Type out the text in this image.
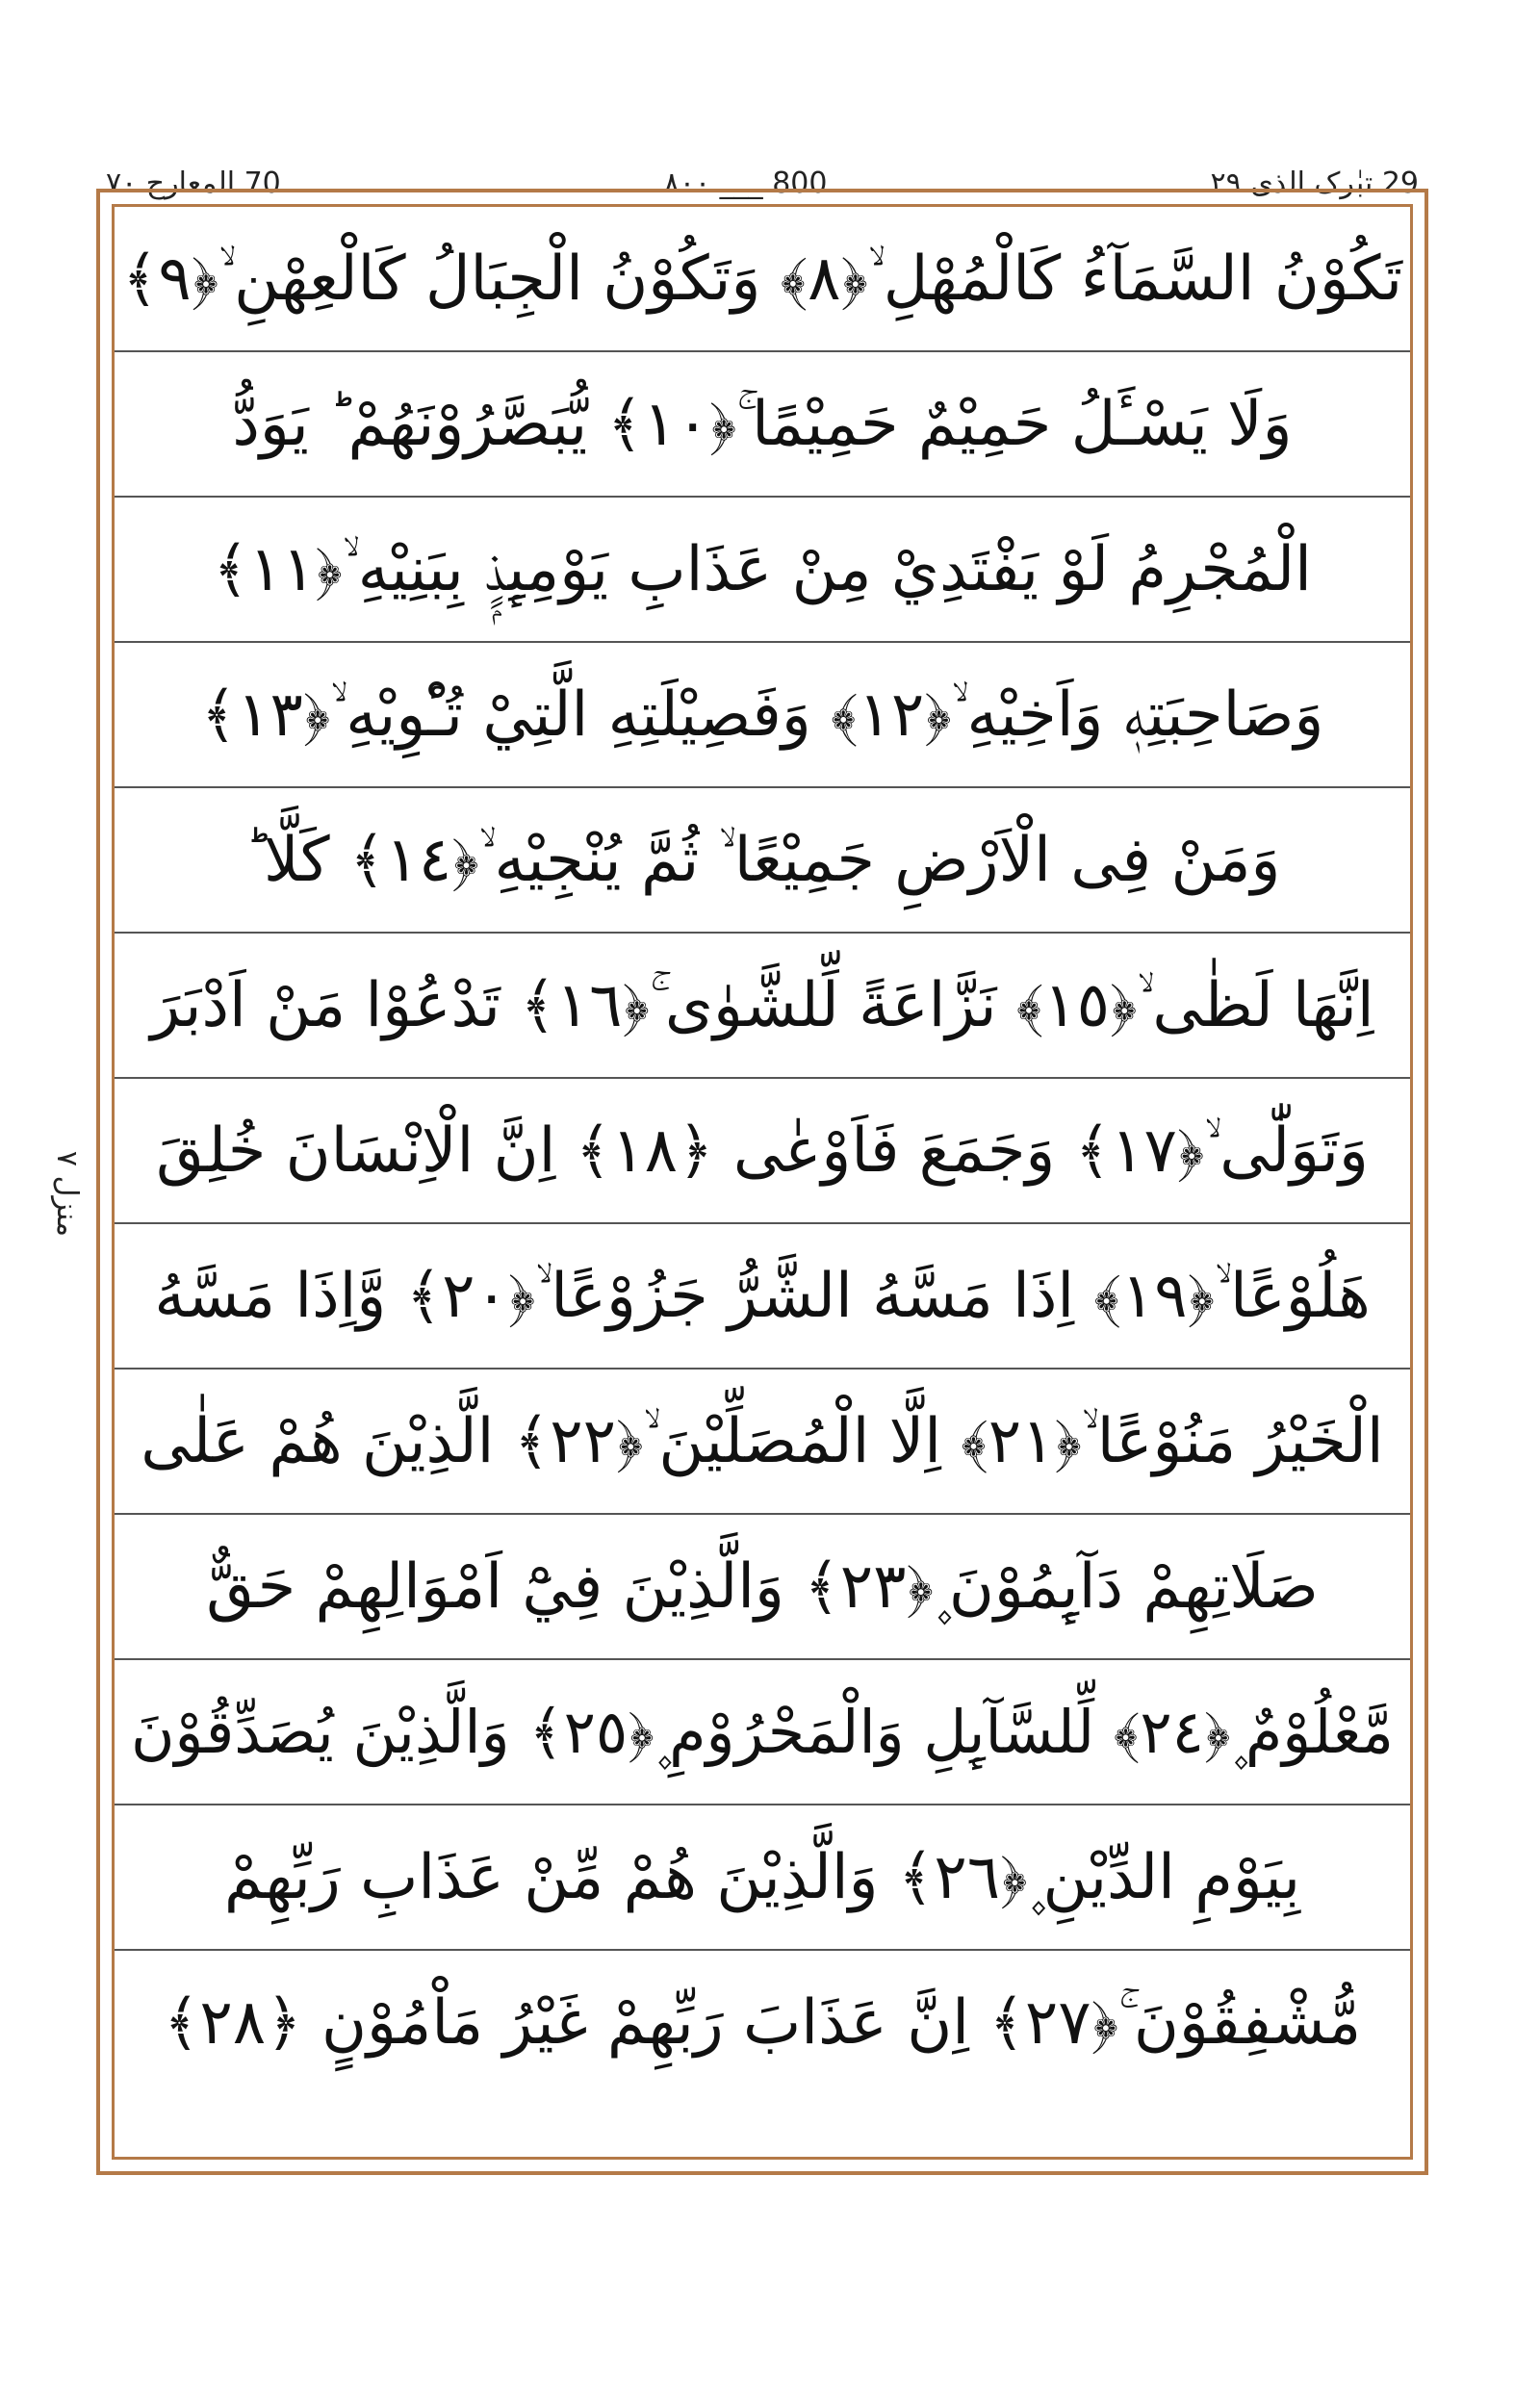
70 المعارج ٧٠	800 ___ ٨٠٠	29 تبٰرک الذی ٢٩
منزل ٧
تَكُوْنُ السَّمَآءُ كَالْمُهْلِ ۙ﴿٨﴾ وَتَكُوْنُ الْجِبَالُ كَالْعِهْنِ ۙ﴿٩﴾
وَلَا يَسْـَٔلُ حَمِيْمٌ حَمِيْمًا ۚ﴿١٠﴾ يُّبَصَّرُوْنَهُمْ ؕ يَوَدُّ
الْمُجْرِمُ لَوْ يَفْتَدِيْ مِنْ عَذَابِ يَوْمِىِٕذٍۭ بِبَنِيْهِ ۙ﴿١١﴾
وَصَاحِبَتِهٖ وَاَخِيْهِ ۙ﴿١٢﴾ وَفَصِيْلَتِهِ الَّتِيْ تُـْٔوِيْهِ ۙ﴿١٣﴾
وَمَنْ فِى الْاَرْضِ جَمِيْعًا ۙ ثُمَّ يُنْجِيْهِ ۙ﴿١٤﴾ كَلَّا ؕ
اِنَّهَا لَظٰى ۙ﴿١٥﴾ نَزَّاعَةً لِّلشَّوٰى ۚ﴿١٦﴾ تَدْعُوْا مَنْ اَدْبَرَ
وَتَوَلّٰى ۙ﴿١٧﴾ وَجَمَعَ فَاَوْعٰى ﴿١٨﴾ اِنَّ الْاِنْسَانَ خُلِقَ
هَلُوْعًا ۙ﴿١٩﴾ اِذَا مَسَّهُ الشَّرُّ جَزُوْعًا ۙ﴿٢٠﴾ وَّاِذَا مَسَّهُ
الْخَيْرُ مَنُوْعًا ۙ﴿٢١﴾ اِلَّا الْمُصَلِّيْنَ ۙ﴿٢٢﴾ الَّذِيْنَ هُمْ عَلٰى
صَلَاتِهِمْ دَآىِٕمُوْنَ ۪﴿٢٣﴾ وَالَّذِيْنَ فِيْٓ اَمْوَالِهِمْ حَقٌّ
مَّعْلُوْمٌ ۪﴿٢٤﴾ لِّلسَّآىِٕلِ وَالْمَحْرُوْمِ ۪﴿٢٥﴾ وَالَّذِيْنَ يُصَدِّقُوْنَ
بِيَوْمِ الدِّيْنِ ۪﴿٢٦﴾ وَالَّذِيْنَ هُمْ مِّنْ عَذَابِ رَبِّهِمْ
مُّشْفِقُوْنَ ۚ﴿٢٧﴾ اِنَّ عَذَابَ رَبِّهِمْ غَيْرُ مَاْمُوْنٍ ﴿٢٨﴾
